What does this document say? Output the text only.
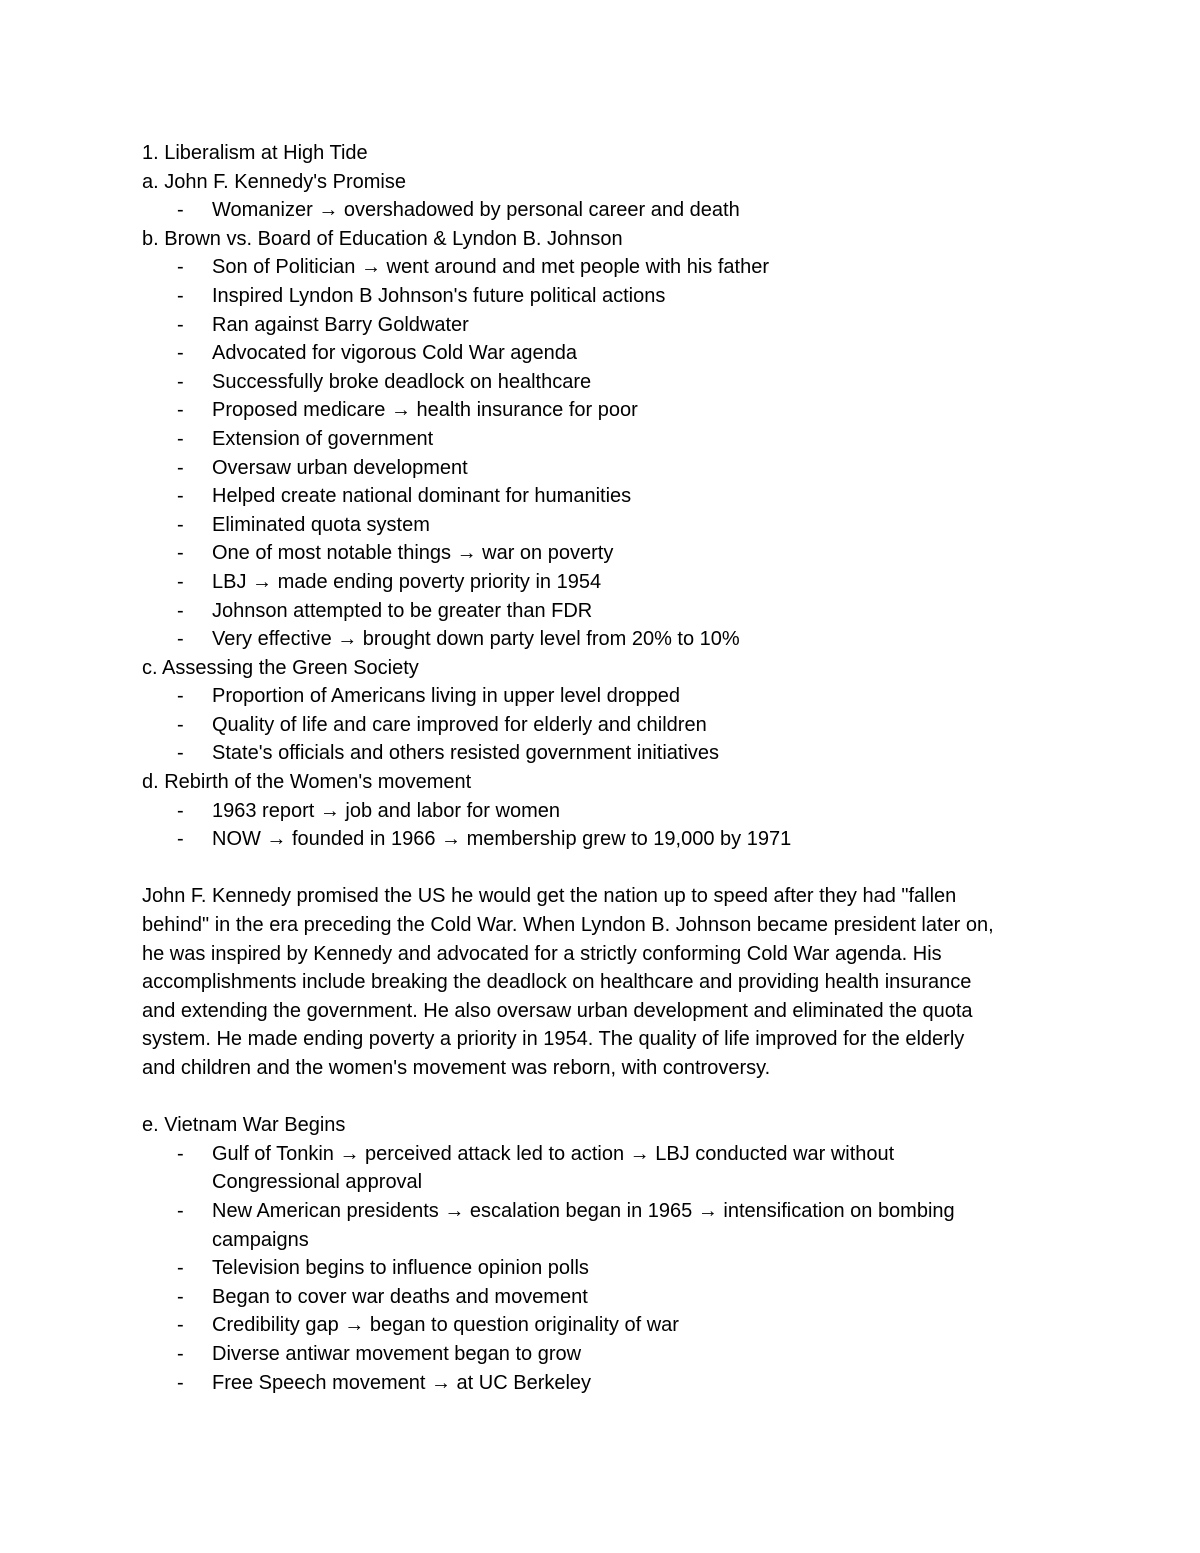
1. Liberalism at High Tide
a. John F. Kennedy's Promise
-	Womanizer → overshadowed by personal career and death
b. Brown vs. Board of Education & Lyndon B. Johnson
-	Son of Politician → went around and met people with his father
-	Inspired Lyndon B Johnson's future political actions
-	Ran against Barry Goldwater
-	Advocated for vigorous Cold War agenda
-	Successfully broke deadlock on healthcare
-	Proposed medicare → health insurance for poor
-	Extension of government
-	Oversaw urban development
-	Helped create national dominant for humanities
-	Eliminated quota system
-	One of most notable things → war on poverty
-	LBJ → made ending poverty priority in 1954
-	Johnson attempted to be greater than FDR
-	Very effective → brought down party level from 20% to 10%
c. Assessing the Green Society
-	Proportion of Americans living in upper level dropped
-	Quality of life and care improved for elderly and children
-	State's officials and others resisted government initiatives
d. Rebirth of the Women's movement
-	1963 report → job and labor for women
-	NOW → founded in 1966 → membership grew to 19,000 by 1971
John F. Kennedy promised the US he would get the nation up to speed after they had "fallen
behind" in the era preceding the Cold War. When Lyndon B. Johnson became president later on,
he was inspired by Kennedy and advocated for a strictly conforming Cold War agenda. His
accomplishments include breaking the deadlock on healthcare and providing health insurance
and extending the government. He also oversaw urban development and eliminated the quota
system. He made ending poverty a priority in 1954. The quality of life improved for the elderly
and children and the women's movement was reborn, with controversy.
e. Vietnam War Begins
-	Gulf of Tonkin → perceived attack led to action → LBJ conducted war without
Congressional approval
-	New American presidents → escalation began in 1965 → intensification on bombing
campaigns
-	Television begins to influence opinion polls
-	Began to cover war deaths and movement
-	Credibility gap → began to question originality of war
-	Diverse antiwar movement began to grow
-	Free Speech movement → at UC Berkeley
